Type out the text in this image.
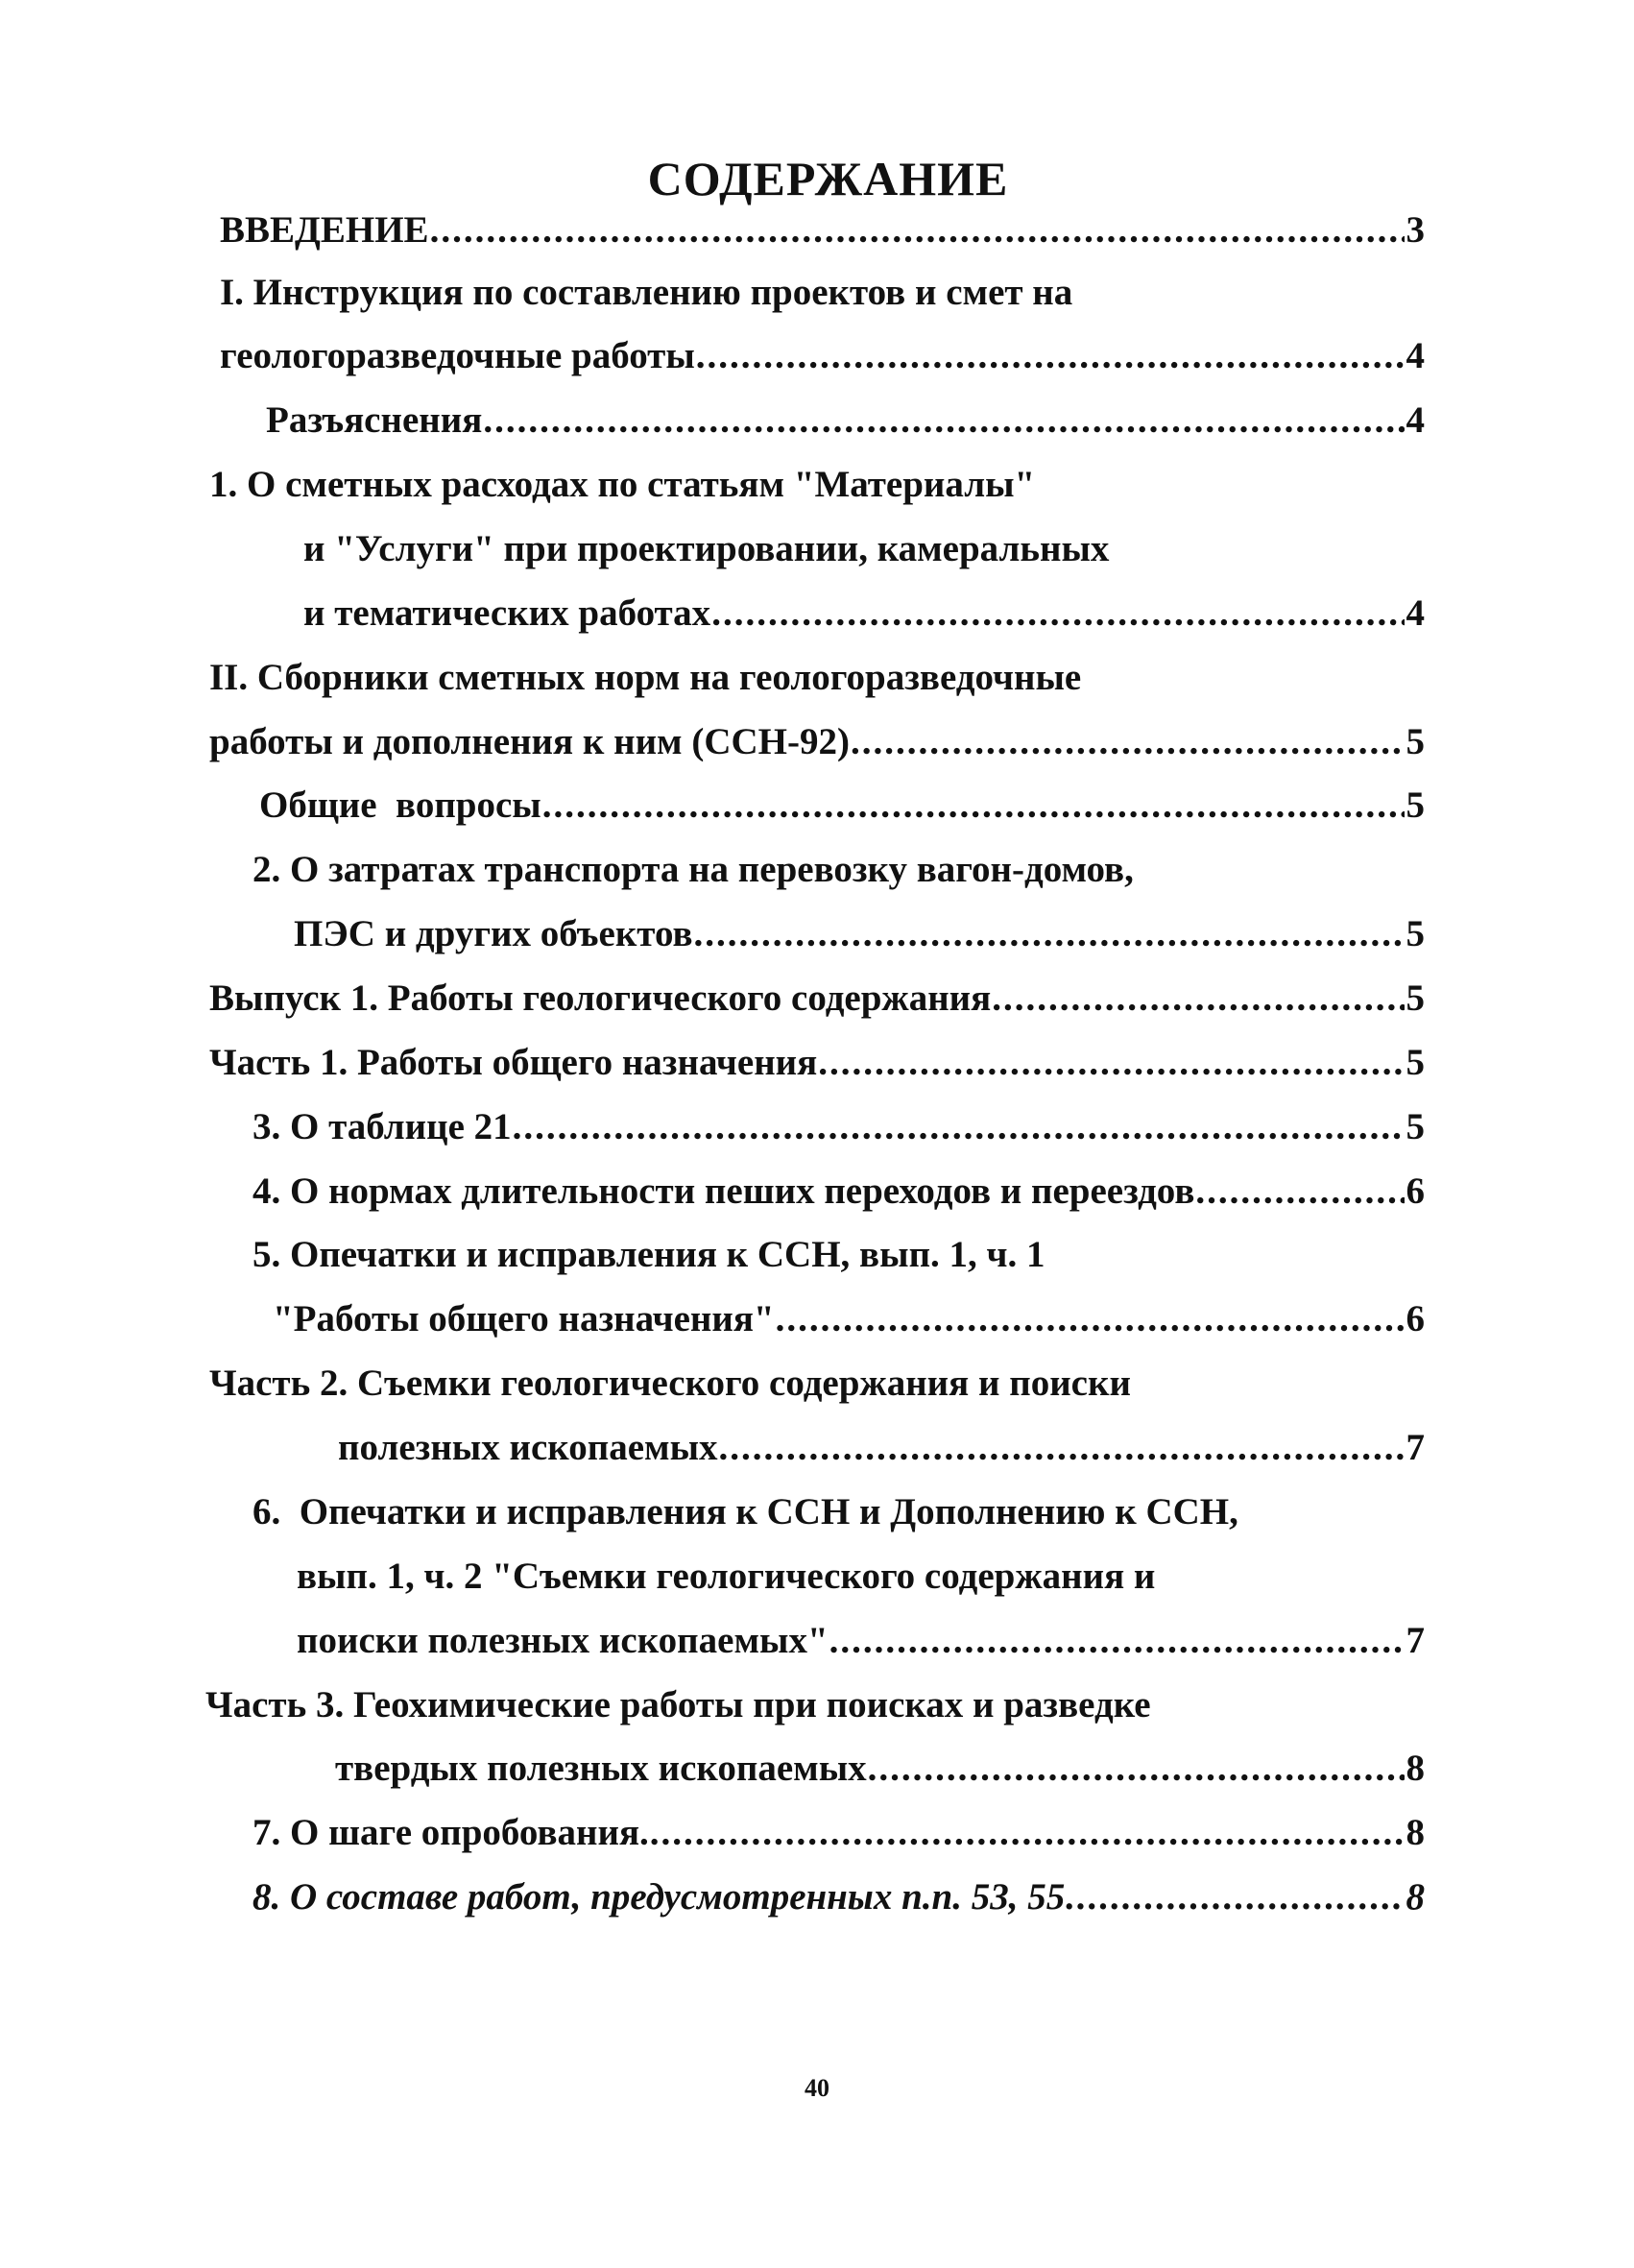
СОДЕРЖАНИЕ
ВВЕДЕНИЕ .....	3
I. Инструкция по составлению проектов и смет на
геологоразведочные работы .....	4
Разъяснения .....	4
1. О сметных расходах по статьям "Материалы"
и "Услуги" при проектировании, камеральных
и тематических работах .....	4
II. Сборники сметных норм на геологоразведочные
работы и дополнения к ним (ССН-92) .....	5
Общие  вопросы .....	5
2. О затратах транспорта на перевозку вагон-домов,
ПЭС и других объектов .....	5
Выпуск 1. Работы геологического содержания .....	5
Часть 1. Работы общего назначения .....	5
3. О таблице 21 .....	5
4. О нормах длительности пеших переходов и переездов .....	6
5. Опечатки и исправления к ССН, вып. 1, ч. 1
"Работы общего назначения" .....	6
Часть 2. Съемки геологического содержания и поиски
полезных ископаемых .....	7
6.  Опечатки и исправления к ССН и Дополнению к ССН,
вып. 1, ч. 2 "Съемки геологического содержания и
поиски полезных ископаемых" .....	7
Часть 3. Геохимические работы при поисках и разведке
твердых полезных ископаемых .....	8
7. О шаге опробования. .....	8
8. О составе работ, предусмотренных п.п. 53, 55 .....	8
40
